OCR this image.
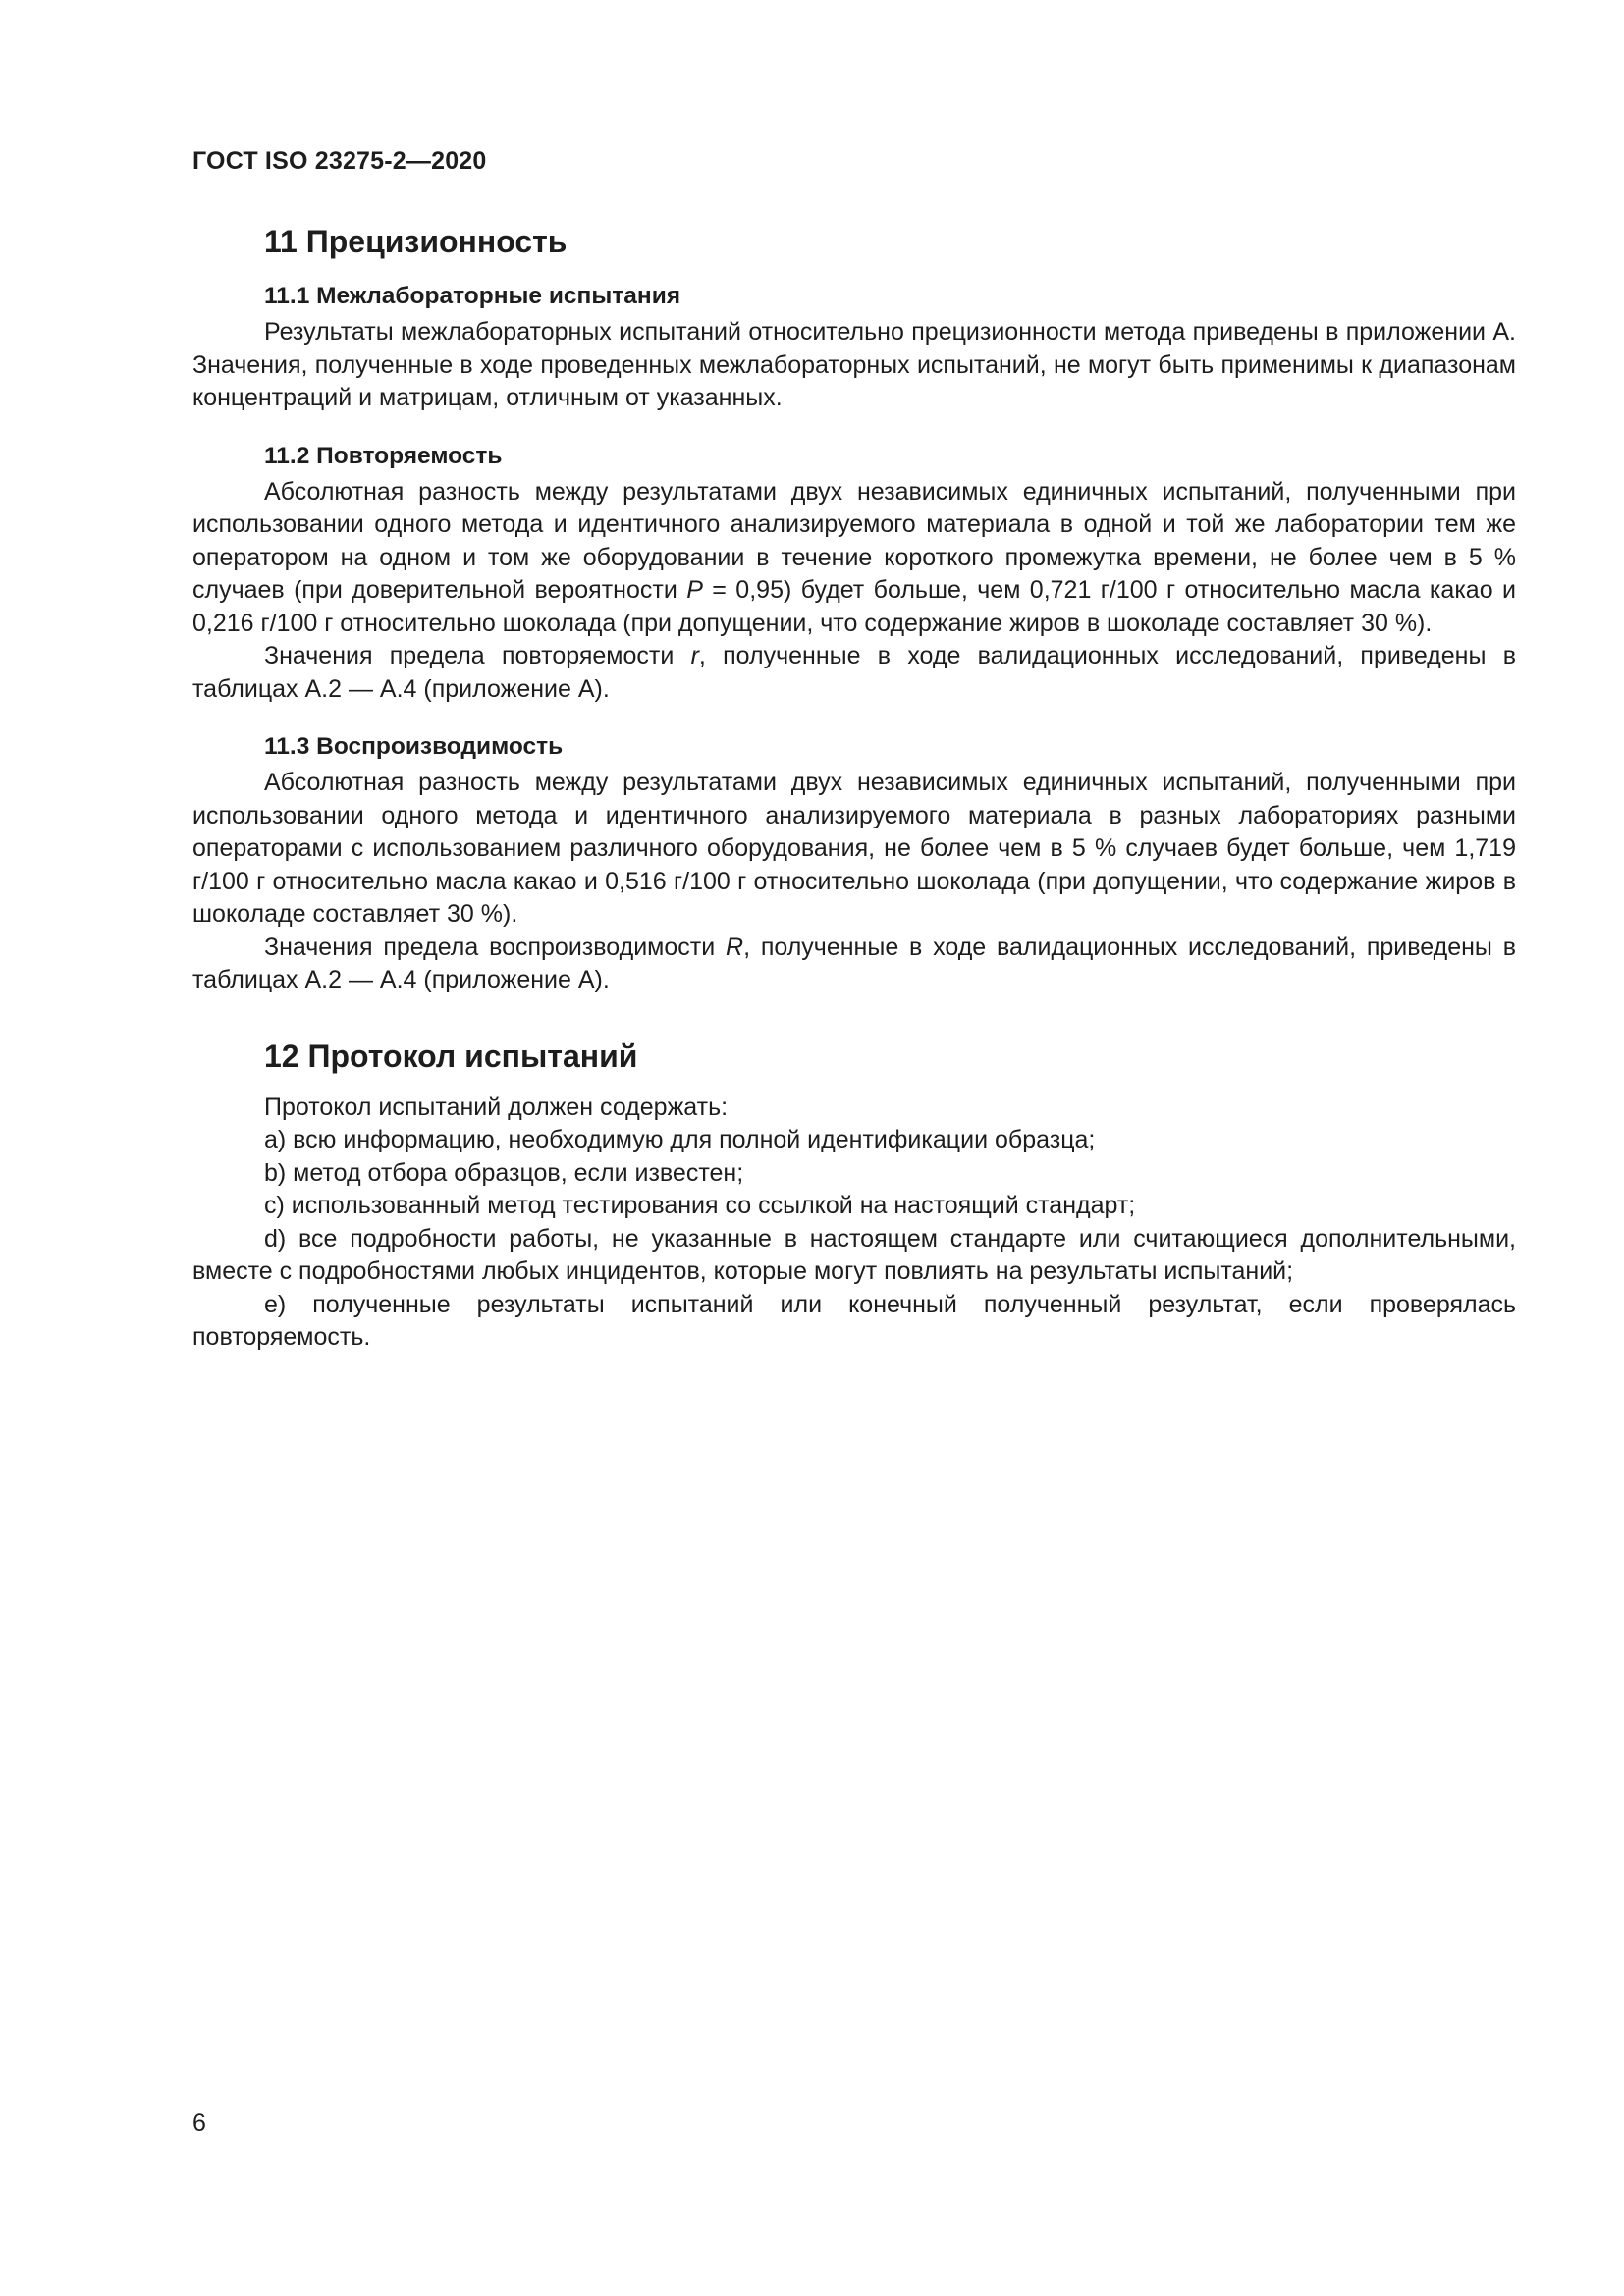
ГОСТ ISO 23275-2—2020
11 Прецизионность
11.1 Межлабораторные испытания

Результаты межлабораторных испытаний относительно прецизионности метода приведены в приложении А. Значения, полученные в ходе проведенных межлабораторных испытаний, не могут быть применимы к диапазонам концентраций и матрицам, отличным от указанных.

11.2 Повторяемость

Абсолютная разность между результатами двух независимых единичных испытаний, полученными при использовании одного метода и идентичного анализируемого материала в одной и той же лаборатории тем же оператором на одном и том же оборудовании в течение короткого промежутка времени, не более чем в 5 % случаев (при доверительной вероятности P = 0,95) будет больше, чем 0,721 г/100 г относительно масла какао и 0,216 г/100 г относительно шоколада (при допущении, что содержание жиров в шоколаде составляет 30 %).

Значения предела повторяемости r, полученные в ходе валидационных исследований, приведены в таблицах А.2 — А.4 (приложение А).

11.3 Воспроизводимость

Абсолютная разность между результатами двух независимых единичных испытаний, полученными при использовании одного метода и идентичного анализируемого материала в разных лабораториях разными операторами с использованием различного оборудования, не более чем в 5 % случаев будет больше, чем 1,719 г/100 г относительно масла какао и 0,516 г/100 г относительно шоколада (при допущении, что содержание жиров в шоколаде составляет 30 %).

Значения предела воспроизводимости R, полученные в ходе валидационных исследований, приведены в таблицах А.2 — А.4 (приложение А).

12 Протокол испытаний

Протокол испытаний должен содержать:

a) всю информацию, необходимую для полной идентификации образца;

b) метод отбора образцов, если известен;

c) использованный метод тестирования со ссылкой на настоящий стандарт;

d) все подробности работы, не указанные в настоящем стандарте или считающиеся дополнительными, вместе с подробностями любых инцидентов, которые могут повлиять на результаты испытаний;

e) полученные результаты испытаний или конечный полученный результат, если проверялась повторяемость.

6
